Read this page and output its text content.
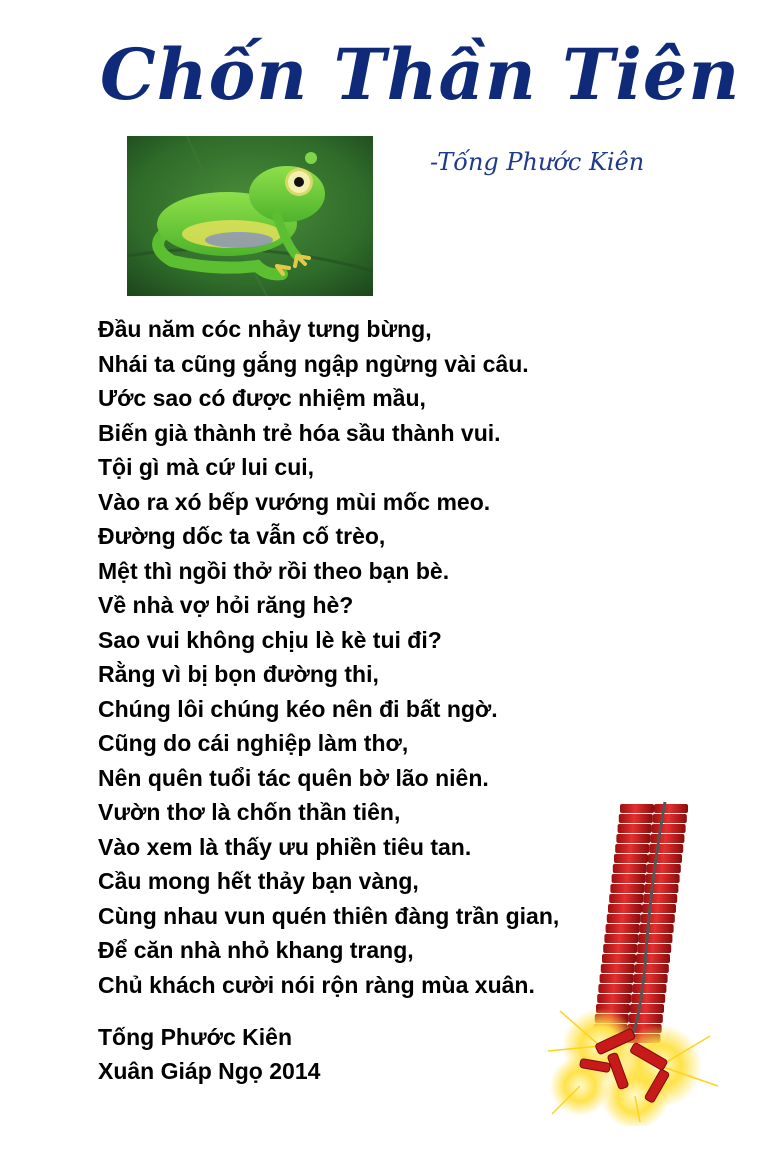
Chốn Thần Tiên
-Tống Phước Kiên
Đầu năm cóc nhảy tưng bừng,
Nhái ta cũng gắng ngập ngừng vài câu.
Ước sao có được nhiệm mầu,
Biến già thành trẻ hóa sầu thành vui.
Tội gì mà cứ lui cui,
Vào ra xó bếp vướng mùi mốc meo.
Đường dốc ta vẫn cố trèo,
Mệt thì ngồi thở rồi theo bạn bè.
Về nhà vợ hỏi răng hè?
Sao vui không chịu lè kè tui đi?
Rằng vì bị bọn đường thi,
Chúng lôi chúng kéo nên đi bất ngờ.
Cũng do cái nghiệp làm thơ,
Nên quên tuổi tác quên bờ lão niên.
Vườn thơ là chốn thần tiên,
Vào xem là thấy ưu phiền tiêu tan.
Cầu mong hết thảy bạn vàng,
Cùng nhau vun quén thiên đàng trần gian,
Để căn nhà nhỏ khang trang,
Chủ khách cười nói rộn ràng mùa xuân.
Tống Phước Kiên
Xuân Giáp Ngọ 2014
